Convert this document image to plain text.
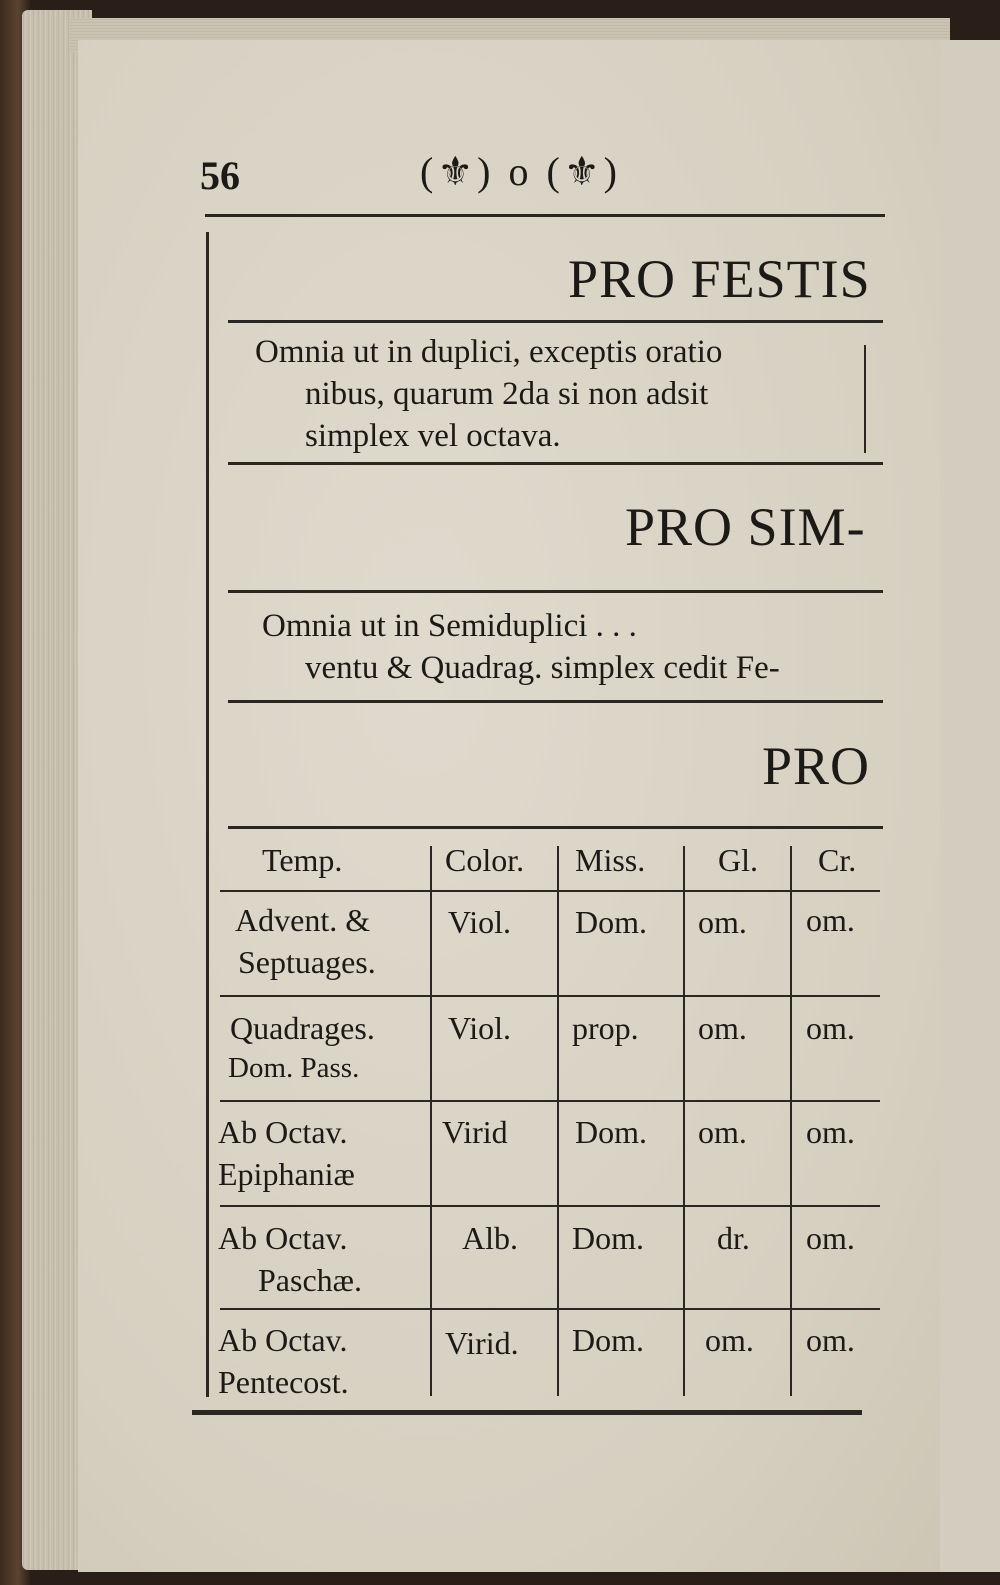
56	(⚜) o (⚜)
PRO FESTIS
Omnia ut in duplici, exceptis oratio
nibus, quarum 2da si non adsit
simplex vel octava.
PRO SIM-
Omnia ut in Semiduplici . . .
ventu & Quadrag. simplex cedit Fe-
PRO
Temp.	Color. Miss. Gl. Cr.
Advent. &
Septuages.
Viol. Dom. om. om.
Quadrages.
Dom. Pass.
Viol. prop. om. om.
Ab Octav.
Epiphaniæ
Virid Dom. om. om.
Ab Octav.
Paschæ.
Alb. Dom. dr. om.
Ab Octav.
Pentecost.
Virid. Dom. om. om.
